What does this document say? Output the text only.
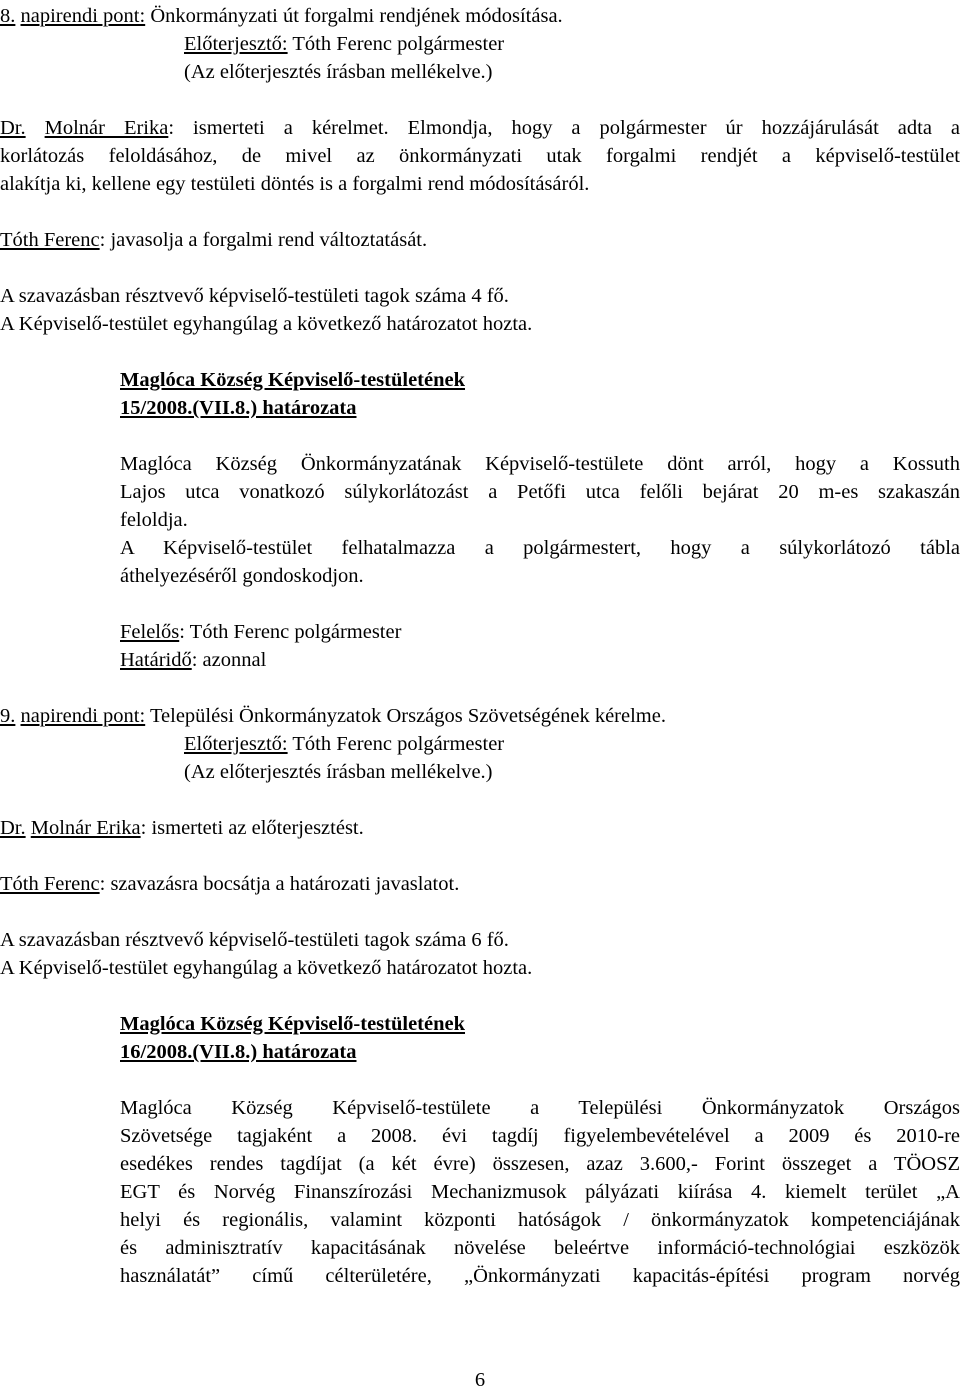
8. napirendi pont: Önkormányzati út forgalmi rendjének módosítása.
Előterjesztő: Tóth Ferenc polgármester
(Az előterjesztés írásban mellékelve.)
Dr. Molnár Erika: ismerteti a kérelmet. Elmondja, hogy a polgármester úr hozzájárulását adta a
korlátozás feloldásához, de mivel az önkormányzati utak forgalmi rendjét a képviselő-testület
alakítja ki, kellene egy testületi döntés is a forgalmi rend módosításáról.
Tóth Ferenc: javasolja a forgalmi rend változtatását.
A szavazásban résztvevő képviselő-testületi tagok száma 4 fő.
A Képviselő-testület egyhangúlag a következő határozatot hozta.
Maglóca Község Képviselő-testületének
15/2008.(VII.8.) határozata
Maglóca Község Önkormányzatának Képviselő-testülete dönt arról, hogy a Kossuth
Lajos utca vonatkozó súlykorlátozást a Petőfi utca felőli bejárat 20 m-es szakaszán
feloldja.
A Képviselő-testület felhatalmazza a polgármestert, hogy a súlykorlátozó tábla
áthelyezéséről gondoskodjon.
Felelős: Tóth Ferenc polgármester
Határidő: azonnal
9. napirendi pont: Települési Önkormányzatok Országos Szövetségének kérelme.
Előterjesztő: Tóth Ferenc polgármester
(Az előterjesztés írásban mellékelve.)
Dr. Molnár Erika: ismerteti az előterjesztést.
Tóth Ferenc: szavazásra bocsátja a határozati javaslatot.
A szavazásban résztvevő képviselő-testületi tagok száma 6 fő.
A Képviselő-testület egyhangúlag a következő határozatot hozta.
Maglóca Község Képviselő-testületének
16/2008.(VII.8.) határozata
Maglóca Község Képviselő-testülete a Települési Önkormányzatok Országos
Szövetsége tagjaként a 2008. évi tagdíj figyelembevételével a 2009 és 2010-re
esedékes rendes tagdíjat (a két évre) összesen, azaz 3.600,- Forint összeget a TÖOSZ
EGT és Norvég Finanszírozási Mechanizmusok pályázati kiírása 4. kiemelt terület „A
helyi és regionális, valamint központi hatóságok / önkormányzatok kompetenciájának
és adminisztratív kapacitásának növelése beleértve információ-technológiai eszközök
használatát” című célterületére, „Önkormányzati kapacitás-építési program norvég
6
